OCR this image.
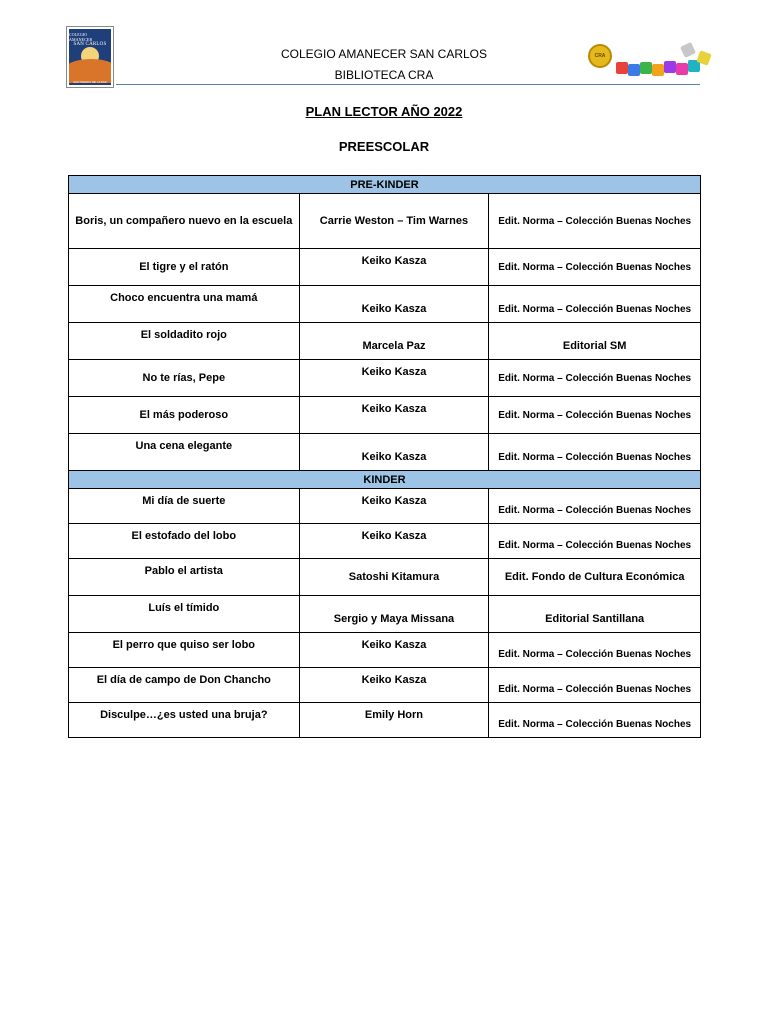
COLEGIO AMANECER
SAN CARLOS
SAN PEDRO DE LA PAZ
COLEGIO AMANECER SAN CARLOS
BIBLIOTECA CRA
CRA
PLAN LECTOR AÑO 2022
PREESCOLAR
PRE-KINDER		
Boris, un compañero nuevo en la escuela	Carrie Weston – Tim Warnes	Edit. Norma – Colección Buenas Noches
El tigre y el ratón	Keiko Kasza	Edit. Norma – Colección Buenas Noches
Choco encuentra una mamá	Keiko Kasza	Edit. Norma – Colección Buenas Noches
El soldadito rojo	Marcela Paz	Editorial SM
No te rías, Pepe	Keiko Kasza	Edit. Norma – Colección Buenas Noches
El más poderoso	Keiko Kasza	Edit. Norma – Colección Buenas Noches
Una cena elegante	Keiko Kasza	Edit. Norma – Colección Buenas Noches
KINDER		
Mi día de suerte	Keiko Kasza	Edit. Norma – Colección Buenas Noches
El estofado del lobo	Keiko Kasza	Edit. Norma – Colección Buenas Noches
Pablo el artista	Satoshi Kitamura	Edit. Fondo de Cultura Económica
Luís el tímido	Sergio y Maya Missana	Editorial Santillana
El perro que quiso ser lobo	Keiko Kasza	Edit. Norma – Colección Buenas Noches
El día de campo de Don Chancho	Keiko Kasza	Edit. Norma – Colección Buenas Noches
Disculpe…¿es usted una bruja?	Emily Horn	Edit. Norma – Colección Buenas Noches
